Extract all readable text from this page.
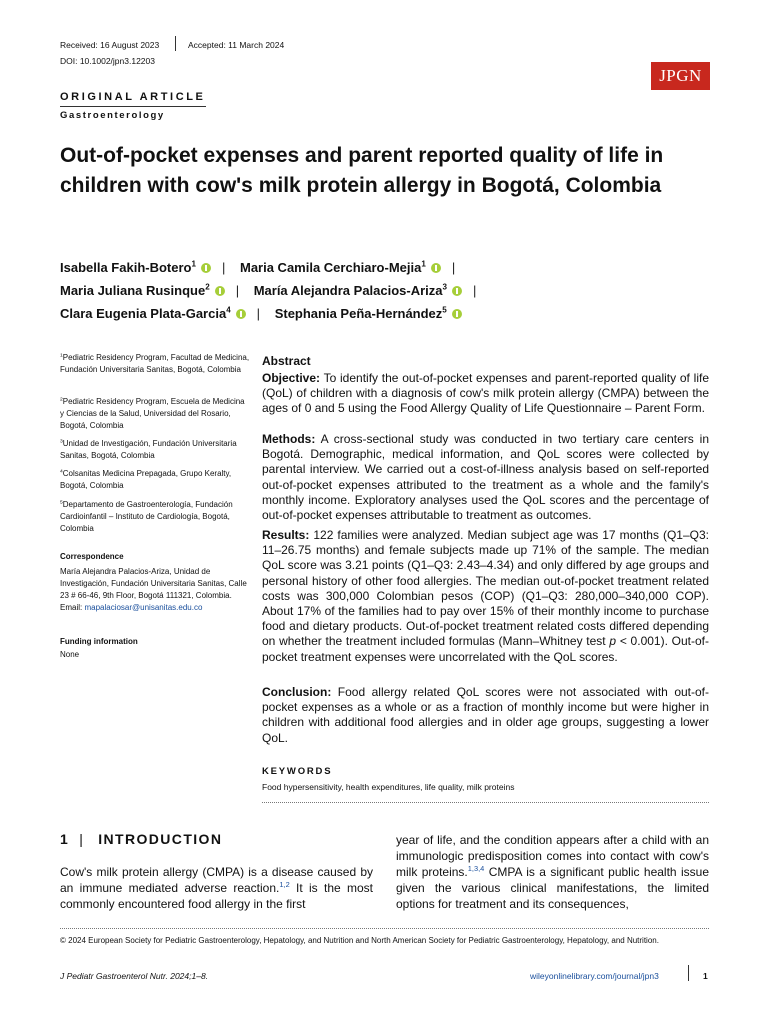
Received: 16 August 2023	Accepted: 11 March 2024
DOI: 10.1002/jpn3.12203
JPGN
ORIGINAL ARTICLE
Gastroenterology
Out-of-pocket expenses and parent reported quality of life in children with cow's milk protein allergy in Bogotá, Colombia
Isabella Fakih-Botero$^1$ | Maria Camila Cerchiaro-Mejia$^1$ |
Maria Juliana Rusinque$^2$ | María Alejandra Palacios-Ariza$^3$ |
Clara Eugenia Plata-Garcia$^4$ | Stephania Peña-Hernández$^5$
$^1$Pediatric Residency Program, Facultad de Medicina, Fundación Universitaria Sanitas, Bogotá, Colombia
$^2$Pediatric Residency Program, Escuela de Medicina y Ciencias de la Salud, Universidad del Rosario, Bogotá, Colombia
$^3$Unidad de Investigación, Fundación Universitaria Sanitas, Bogotá, Colombia
$^4$Colsanitas Medicina Prepagada, Grupo Keralty, Bogotá, Colombia
$^5$Departamento de Gastroenterología, Fundación Cardioinfantil – Instituto de Cardiología, Bogotá, Colombia
Correspondence
María Alejandra Palacios-Ariza, Unidad de Investigación, Fundación Universitaria Sanitas, Calle 23 # 66-46, 9th Floor, Bogotá 111321, Colombia.
Email: mapalaciosar@unisanitas.edu.co
Funding information
None
Abstract
Objective: To identify the out-of-pocket expenses and parent-reported quality of life (QoL) of children with a diagnosis of cow's milk protein allergy (CMPA) between the ages of 0 and 5 using the Food Allergy Quality of Life Questionnaire – Parent Form.
Methods: A cross-sectional study was conducted in two tertiary care centers in Bogotá. Demographic, medical information, and QoL scores were collected by parental interview. We carried out a cost-of-illness analysis based on self-reported out-of-pocket expenses attributed to the treatment as a whole and the family's monthly income. Exploratory analyses used the QoL scores and the percentage of out-of-pocket expenses attributable to treatment as outcomes.
Results: 122 families were analyzed. Median subject age was 17 months (Q1–Q3: 11–26.75 months) and female subjects made up 71% of the sample. The median QoL score was 3.21 points (Q1–Q3: 2.43–4.34) and only differed by age groups and personal history of other food allergies. The median out-of-pocket treatment related costs was 300,000 Colombian pesos (COP) (Q1–Q3: 280,000–340,000 COP). About 17% of the families had to pay over 15% of their monthly income to purchase food and dietary products. Out-of-pocket treatment related costs differed depending on whether the treatment included formulas (Mann–Whitney test p < 0.001). Out-of-pocket treatment expenses were uncorrelated with the QoL scores.
Conclusion: Food allergy related QoL scores were not associated with out-of-pocket expenses as a whole or as a fraction of monthly income but were higher in children with additional food allergies and in older age groups, suggesting a lower QoL.
KEYWORDS
Food hypersensitivity, health expenditures, life quality, milk proteins
1 | INTRODUCTION
Cow's milk protein allergy (CMPA) is a disease caused by an immune mediated adverse reaction.$^{1,2}$ It is the most commonly encountered food allergy in the first
year of life, and the condition appears after a child with an immunologic predisposition comes into contact with cow's milk proteins.$^{1,3,4}$ CMPA is a significant public health issue given the various clinical manifestations, the limited options for treatment and its consequences,
© 2024 European Society for Pediatric Gastroenterology, Hepatology, and Nutrition and North American Society for Pediatric Gastroenterology, Hepatology, and Nutrition.
J Pediatr Gastroenterol Nutr. 2024;1–8.	wileyonlinelibrary.com/journal/jpn3	1
